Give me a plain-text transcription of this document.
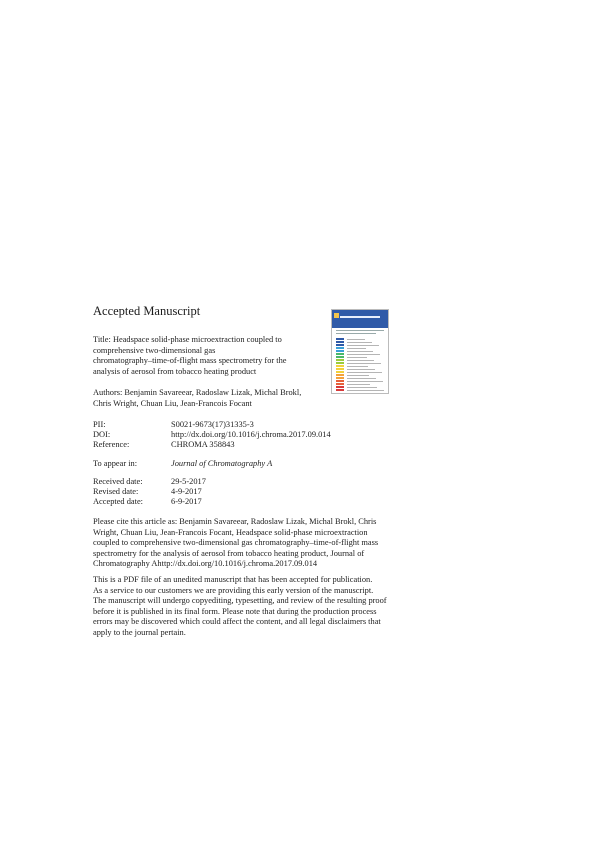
Accepted Manuscript
Title: Headspace solid-phase microextraction coupled to
comprehensive two-dimensional gas
chromatography–time-of-flight mass spectrometry for the
analysis of aerosol from tobacco heating product
Authors: Benjamin Savareear, Radoslaw Lizak, Michal Brokl,
Chris Wright, Chuan Liu, Jean-Francois Focant
PII:	S0021-9673(17)31335-3
DOI:	http://dx.doi.org/10.1016/j.chroma.2017.09.014
Reference:	CHROMA 358843
To appear in:	Journal of Chromatography A
Received date:	29-5-2017
Revised date:	4-9-2017
Accepted date:	6-9-2017
Please cite this article as: Benjamin Savareear, Radoslaw Lizak, Michal Brokl, Chris
Wright, Chuan Liu, Jean-Francois Focant, Headspace solid-phase microextraction
coupled to comprehensive two-dimensional gas chromatography–time-of-flight mass
spectrometry for the analysis of aerosol from tobacco heating product, Journal of
Chromatography Ahttp://dx.doi.org/10.1016/j.chroma.2017.09.014
This is a PDF file of an unedited manuscript that has been accepted for publication.
As a service to our customers we are providing this early version of the manuscript.
The manuscript will undergo copyediting, typesetting, and review of the resulting proof
before it is published in its final form. Please note that during the production process
errors may be discovered which could affect the content, and all legal disclaimers that
apply to the journal pertain.
